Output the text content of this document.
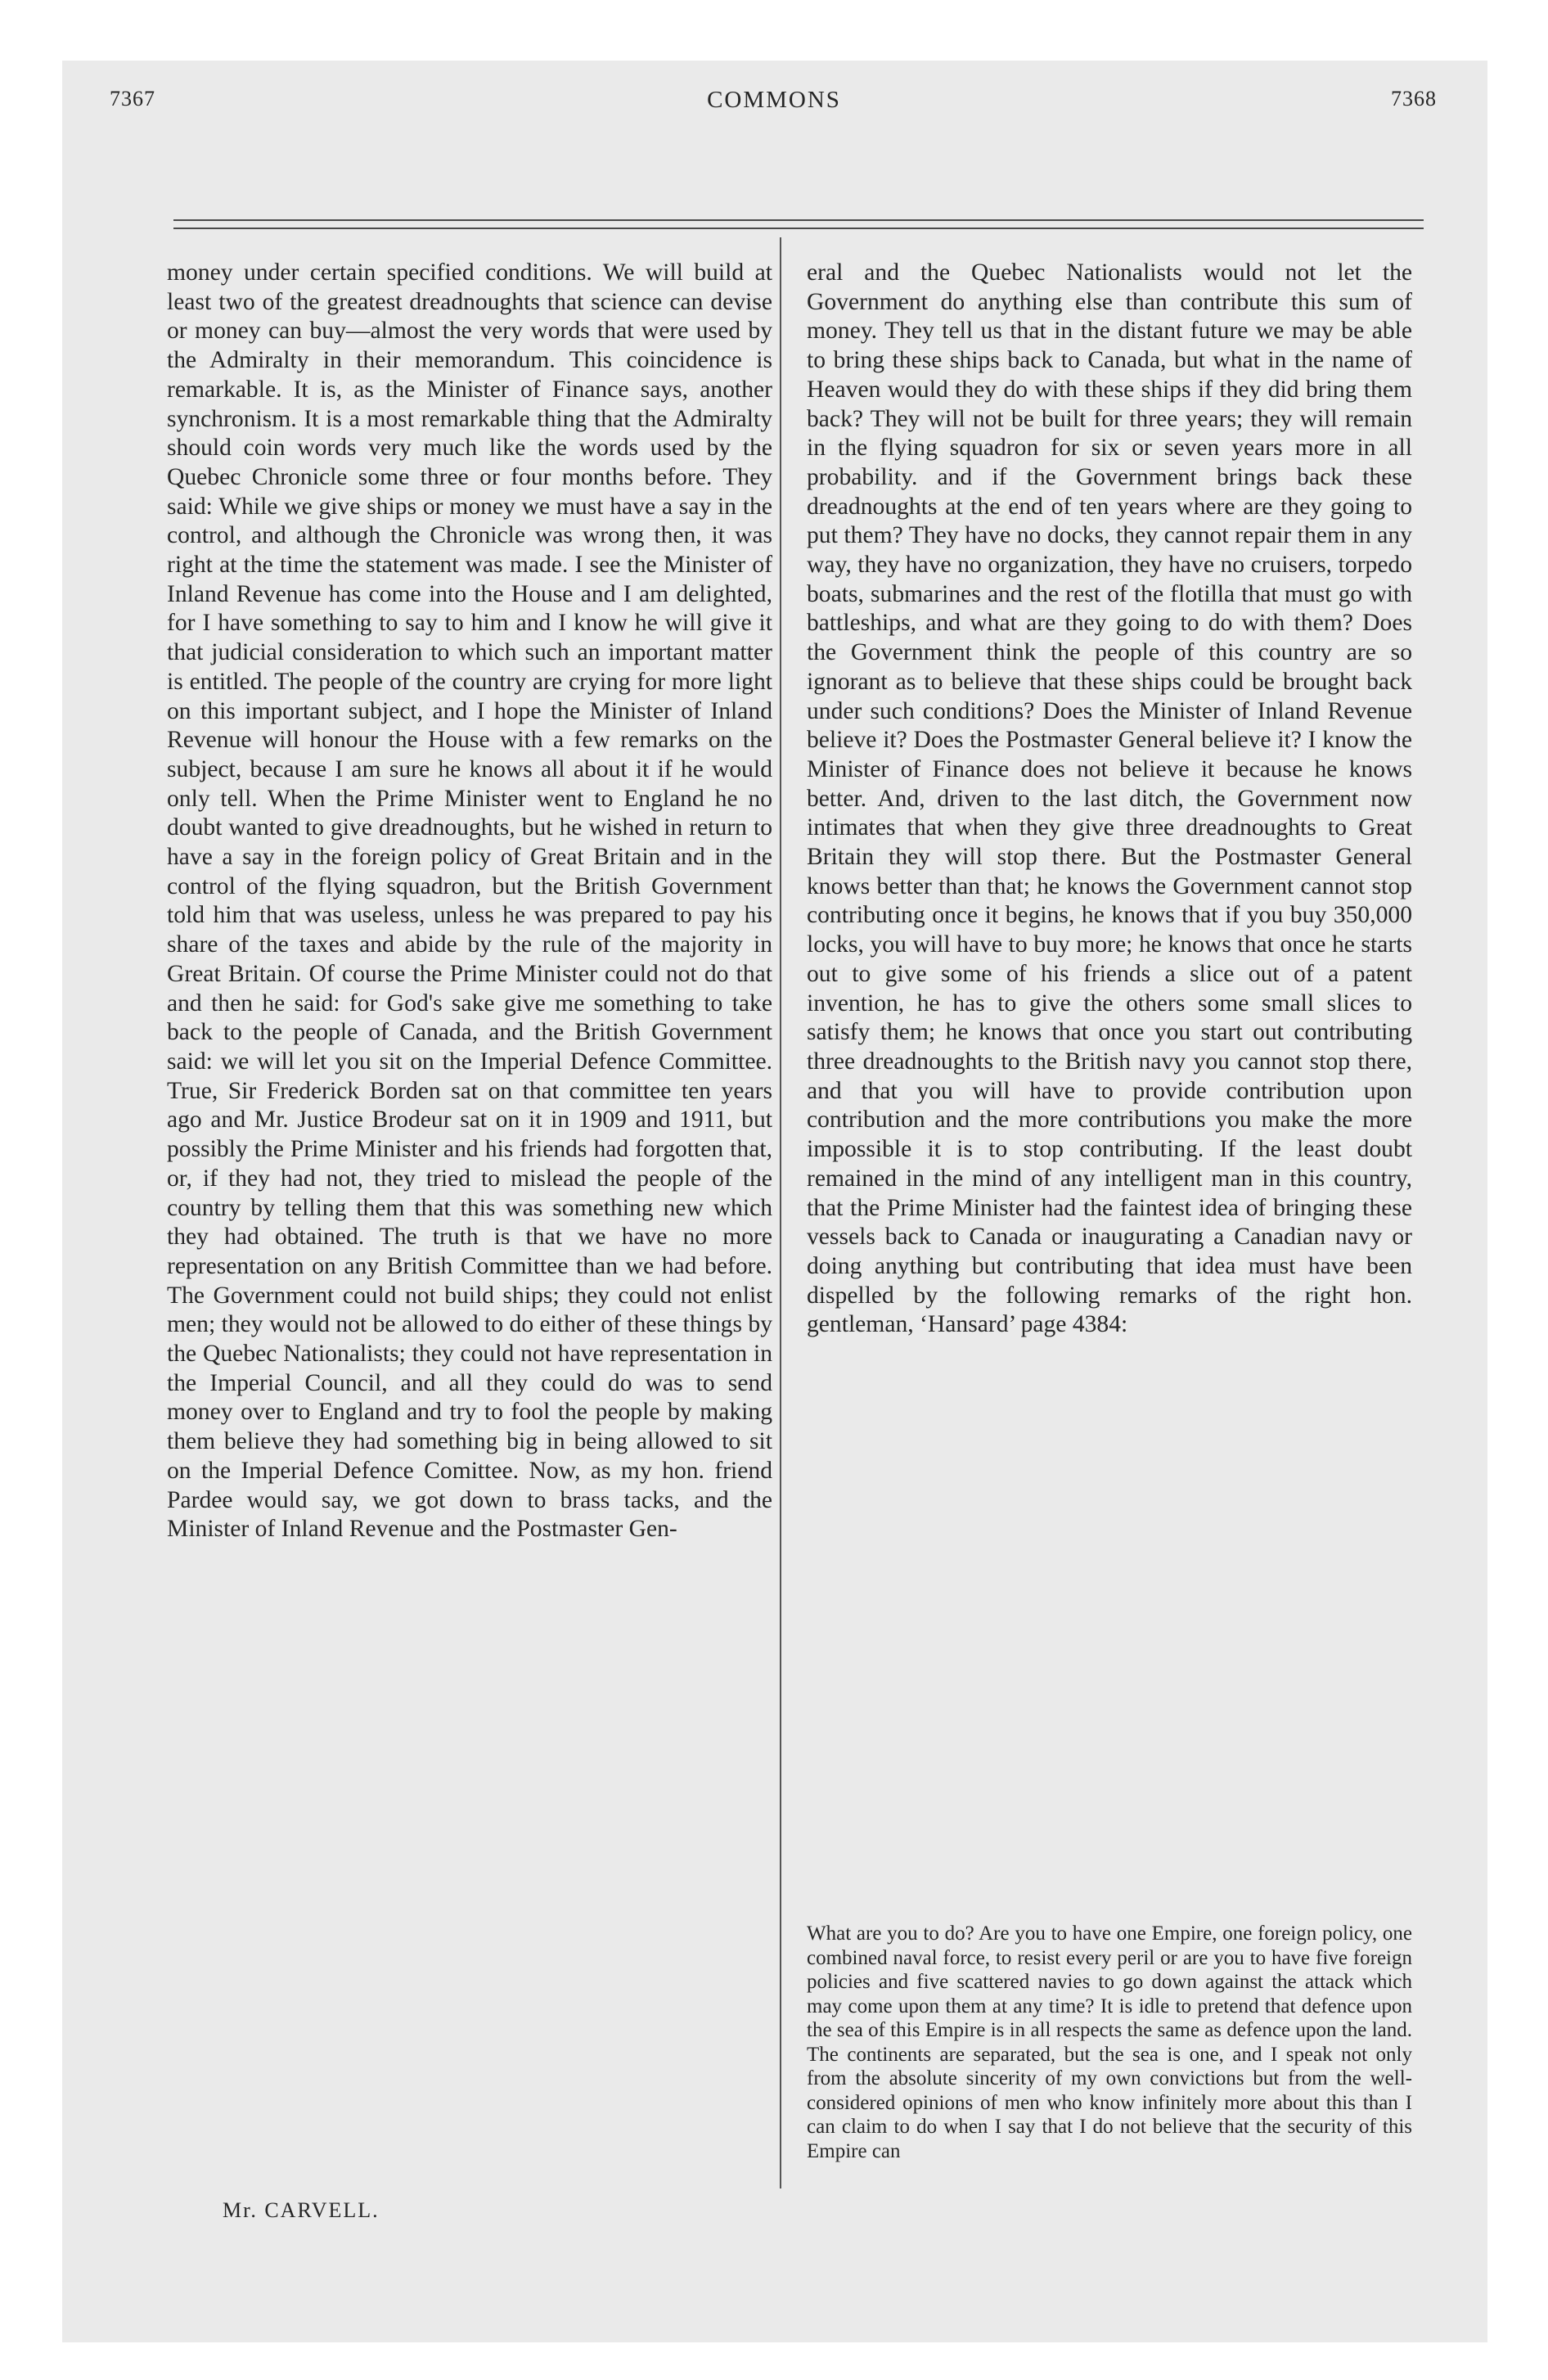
7367	COMMONS	7368

money under certain specified conditions. We will build at least two of the greatest dreadnoughts that science can devise or money can buy—almost the very words that were used by the Admiralty in their memorandum. This coincidence is remarkable. It is, as the Minister of Finance says, another synchronism. It is a most remarkable thing that the Admiralty should coin words very much like the words used by the Quebec Chronicle some three or four months before. They said: While we give ships or money we must have a say in the control, and although the Chronicle was wrong then, it was right at the time the statement was made. I see the Minister of Inland Revenue has come into the House and I am delighted, for I have something to say to him and I know he will give it that judicial consideration to which such an important matter is entitled. The people of the country are crying for more light on this important subject, and I hope the Minister of Inland Revenue will honour the House with a few remarks on the subject, because I am sure he knows all about it if he would only tell. When the Prime Minister went to England he no doubt wanted to give dreadnoughts, but he wished in return to have a say in the foreign policy of Great Britain and in the control of the flying squadron, but the British Government told him that was useless, unless he was prepared to pay his share of the taxes and abide by the rule of the majority in Great Britain. Of course the Prime Minister could not do that and then he said: for God's sake give me something to take back to the people of Canada, and the British Government said: we will let you sit on the Imperial Defence Committee. True, Sir Frederick Borden sat on that committee ten years ago and Mr. Justice Brodeur sat on it in 1909 and 1911, but possibly the Prime Minister and his friends had forgotten that, or, if they had not, they tried to mislead the people of the country by telling them that this was something new which they had obtained. The truth is that we have no more representation on any British Committee than we had before. The Government could not build ships; they could not enlist men; they would not be allowed to do either of these things by the Quebec Nationalists; they could not have representation in the Imperial Council, and all they could do was to send money over to England and try to fool the people by making them believe they had something big in being allowed to sit on the Imperial Defence Comittee. Now, as my hon. friend Pardee would say, we got down to brass tacks, and the Minister of Inland Revenue and the Postmaster Gen-

eral and the Quebec Nationalists would not let the Government do anything else than contribute this sum of money. They tell us that in the distant future we may be able to bring these ships back to Canada, but what in the name of Heaven would they do with these ships if they did bring them back? They will not be built for three years; they will remain in the flying squadron for six or seven years more in all probability. and if the Government brings back these dreadnoughts at the end of ten years where are they going to put them? They have no docks, they cannot repair them in any way, they have no organization, they have no cruisers, torpedo boats, submarines and the rest of the flotilla that must go with battleships, and what are they going to do with them? Does the Government think the people of this country are so ignorant as to believe that these ships could be brought back under such conditions? Does the Minister of Inland Revenue believe it? Does the Postmaster General believe it? I know the Minister of Finance does not believe it because he knows better. And, driven to the last ditch, the Government now intimates that when they give three dreadnoughts to Great Britain they will stop there. But the Postmaster General knows better than that; he knows the Government cannot stop contributing once it begins, he knows that if you buy 350,000 locks, you will have to buy more; he knows that once he starts out to give some of his friends a slice out of a patent invention, he has to give the others some small slices to satisfy them; he knows that once you start out contributing three dreadnoughts to the British navy you cannot stop there, and that you will have to provide contribution upon contribution and the more contributions you make the more impossible it is to stop contributing. If the least doubt remained in the mind of any intelligent man in this country, that the Prime Minister had the faintest idea of bringing these vessels back to Canada or inaugurating a Canadian navy or doing anything but contributing that idea must have been dispelled by the following remarks of the right hon. gentleman, ‘Hansard’ page 4384:

What are you to do? Are you to have one Empire, one foreign policy, one combined naval force, to resist every peril or are you to have five foreign policies and five scattered navies to go down against the attack which may come upon them at any time? It is idle to pretend that defence upon the sea of this Empire is in all respects the same as defence upon the land. The continents are separated, but the sea is one, and I speak not only from the absolute sincerity of my own convictions but from the well-considered opinions of men who know infinitely more about this than I can claim to do when I say that I do not believe that the security of this Empire can

Mr. CARVELL.
